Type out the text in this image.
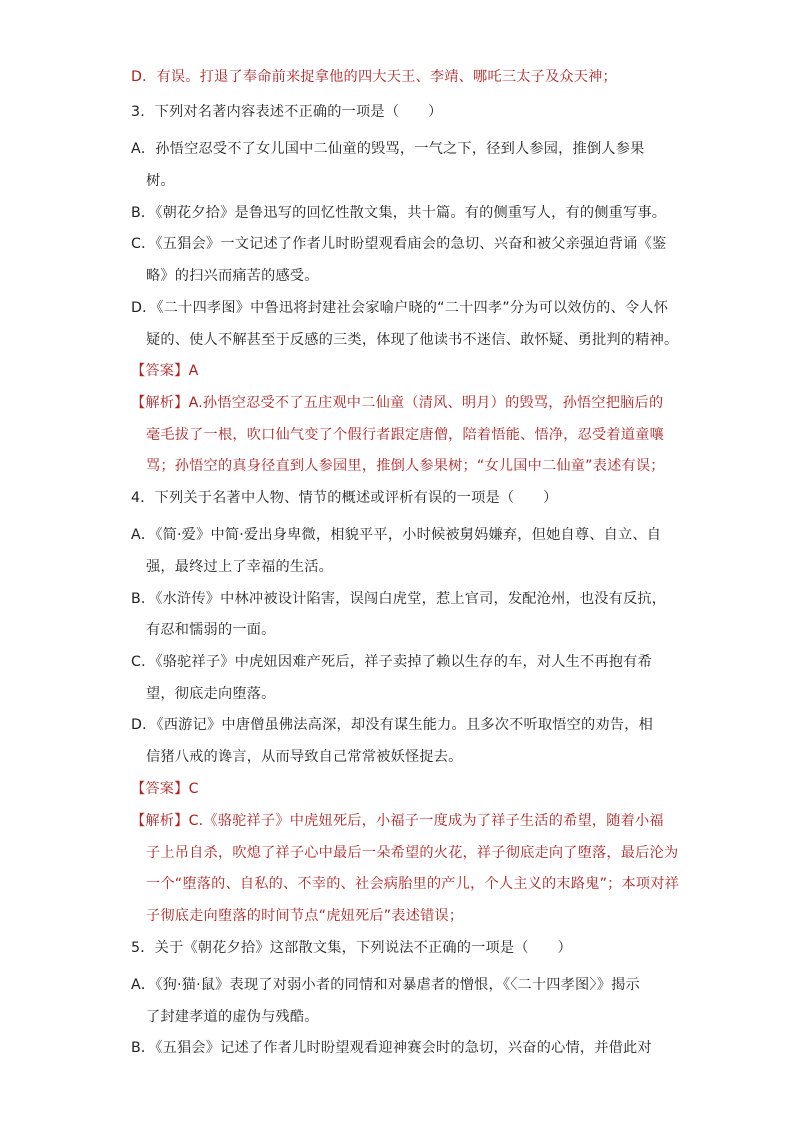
D．有误。打退了奉命前来捉拿他的四大天王、李靖、哪吒三太子及众天神；
3．下列对名著内容表述不正确的一项是（　　）
A．孙悟空忍受不了女儿国中二仙童的毁骂，一气之下，径到人参园，推倒人参果
树。
B．《朝花夕拾》是鲁迅写的回忆性散文集，共十篇。有的侧重写人，有的侧重写事。
C．《五猖会》一文记述了作者儿时盼望观看庙会的急切、兴奋和被父亲强迫背诵《鉴
略》的扫兴而痛苦的感受。
D．《二十四孝图》中鲁迅将封建社会家喻户晓的“二十四孝”分为可以效仿的、令人怀
疑的、使人不解甚至于反感的三类，体现了他读书不迷信、敢怀疑、勇批判的精神。
【答案】A
【解析】A.孙悟空忍受不了五庄观中二仙童（清风、明月）的毁骂，孙悟空把脑后的
毫毛拔了一根，吹口仙气变了个假行者跟定唐僧，陪着悟能、悟净，忍受着道童嚷
骂；孙悟空的真身径直到人参园里，推倒人参果树；“女儿国中二仙童”表述有误；
4．下列关于名著中人物、情节的概述或评析有误的一项是（　　）
A．《简·爱》中简·爱出身卑微，相貌平平，小时候被舅妈嫌弃，但她自尊、自立、自
强，最终过上了幸福的生活。
B．《水浒传》中林冲被设计陷害，误闯白虎堂，惹上官司，发配沧州，也没有反抗，
有忍和懦弱的一面。
C．《骆驼祥子》中虎妞因难产死后，祥子卖掉了赖以生存的车，对人生不再抱有希
望，彻底走向堕落。
D．《西游记》中唐僧虽佛法高深，却没有谋生能力。且多次不听取悟空的劝告，相
信猪八戒的谗言，从而导致自己常常被妖怪捉去。
【答案】C
【解析】C.《骆驼祥子》中虎妞死后，小福子一度成为了祥子生活的希望，随着小福
子上吊自杀，吹熄了祥子心中最后一朵希望的火花，祥子彻底走向了堕落，最后沦为
一个“堕落的、自私的、不幸的、社会病胎里的产儿，个人主义的末路鬼”；本项对祥
子彻底走向堕落的时间节点“虎妞死后”表述错误；
5．关于《朝花夕拾》这部散文集，下列说法不正确的一项是（　　）
A．《狗·猫·鼠》表现了对弱小者的同情和对暴虐者的憎恨，《〈二十四孝图〉》揭示
了封建孝道的虚伪与残酷。
B．《五猖会》记述了作者儿时盼望观看迎神赛会时的急切，兴奋的心情，并借此对
